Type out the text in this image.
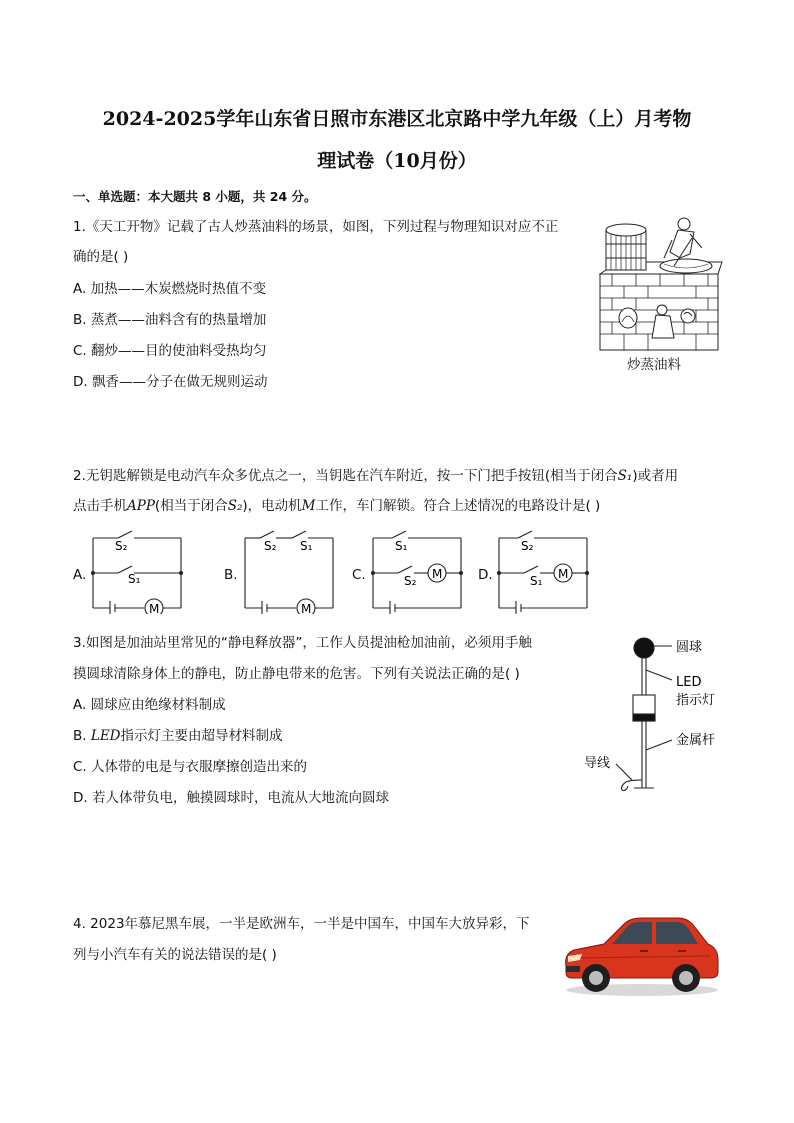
2024-2025学年山东省日照市东港区北京路中学九年级（上）月考物
理试卷（10月份）
一、单选题：本大题共 8 小题，共 24 分。
1.《天工开物》记载了古人炒蒸油料的场景，如图，下列过程与物理知识对应不正
确的是( )
A. 加热——木炭燃烧时热值不变
B. 蒸煮——油料含有的热量增加
C. 翻炒——目的使油料受热均匀
D. 飘香——分子在做无规则运动
炒蒸油料
2.无钥匙解锁是电动汽车众多优点之一，当钥匙在汽车附近，按一下门把手按钮(相当于闭合S₁)或者用
点击手机APP(相当于闭合S₂)，电动机M工作，车门解锁。符合上述情况的电路设计是( )
A.
S₂
S₁
M
B.
S₂ S₁
M
C.
S₁
S₂ M	D.
S₂
S₁ M
3.如图是加油站里常见的“静电释放器”，工作人员提油枪加油前，必须用手触
摸圆球清除身体上的静电，防止静电带来的危害。下列有关说法正确的是( )
A. 圆球应由绝缘材料制成
B. LED指示灯主要由超导材料制成
C. 人体带的电是与衣服摩擦创造出来的
D. 若人体带负电，触摸圆球时，电流从大地流向圆球
圆球
LED
指示灯
金属杆
导线
4. 2023年慕尼黑车展，一半是欧洲车，一半是中国车，中国车大放异彩，下
列与小汽车有关的说法错误的是( )
